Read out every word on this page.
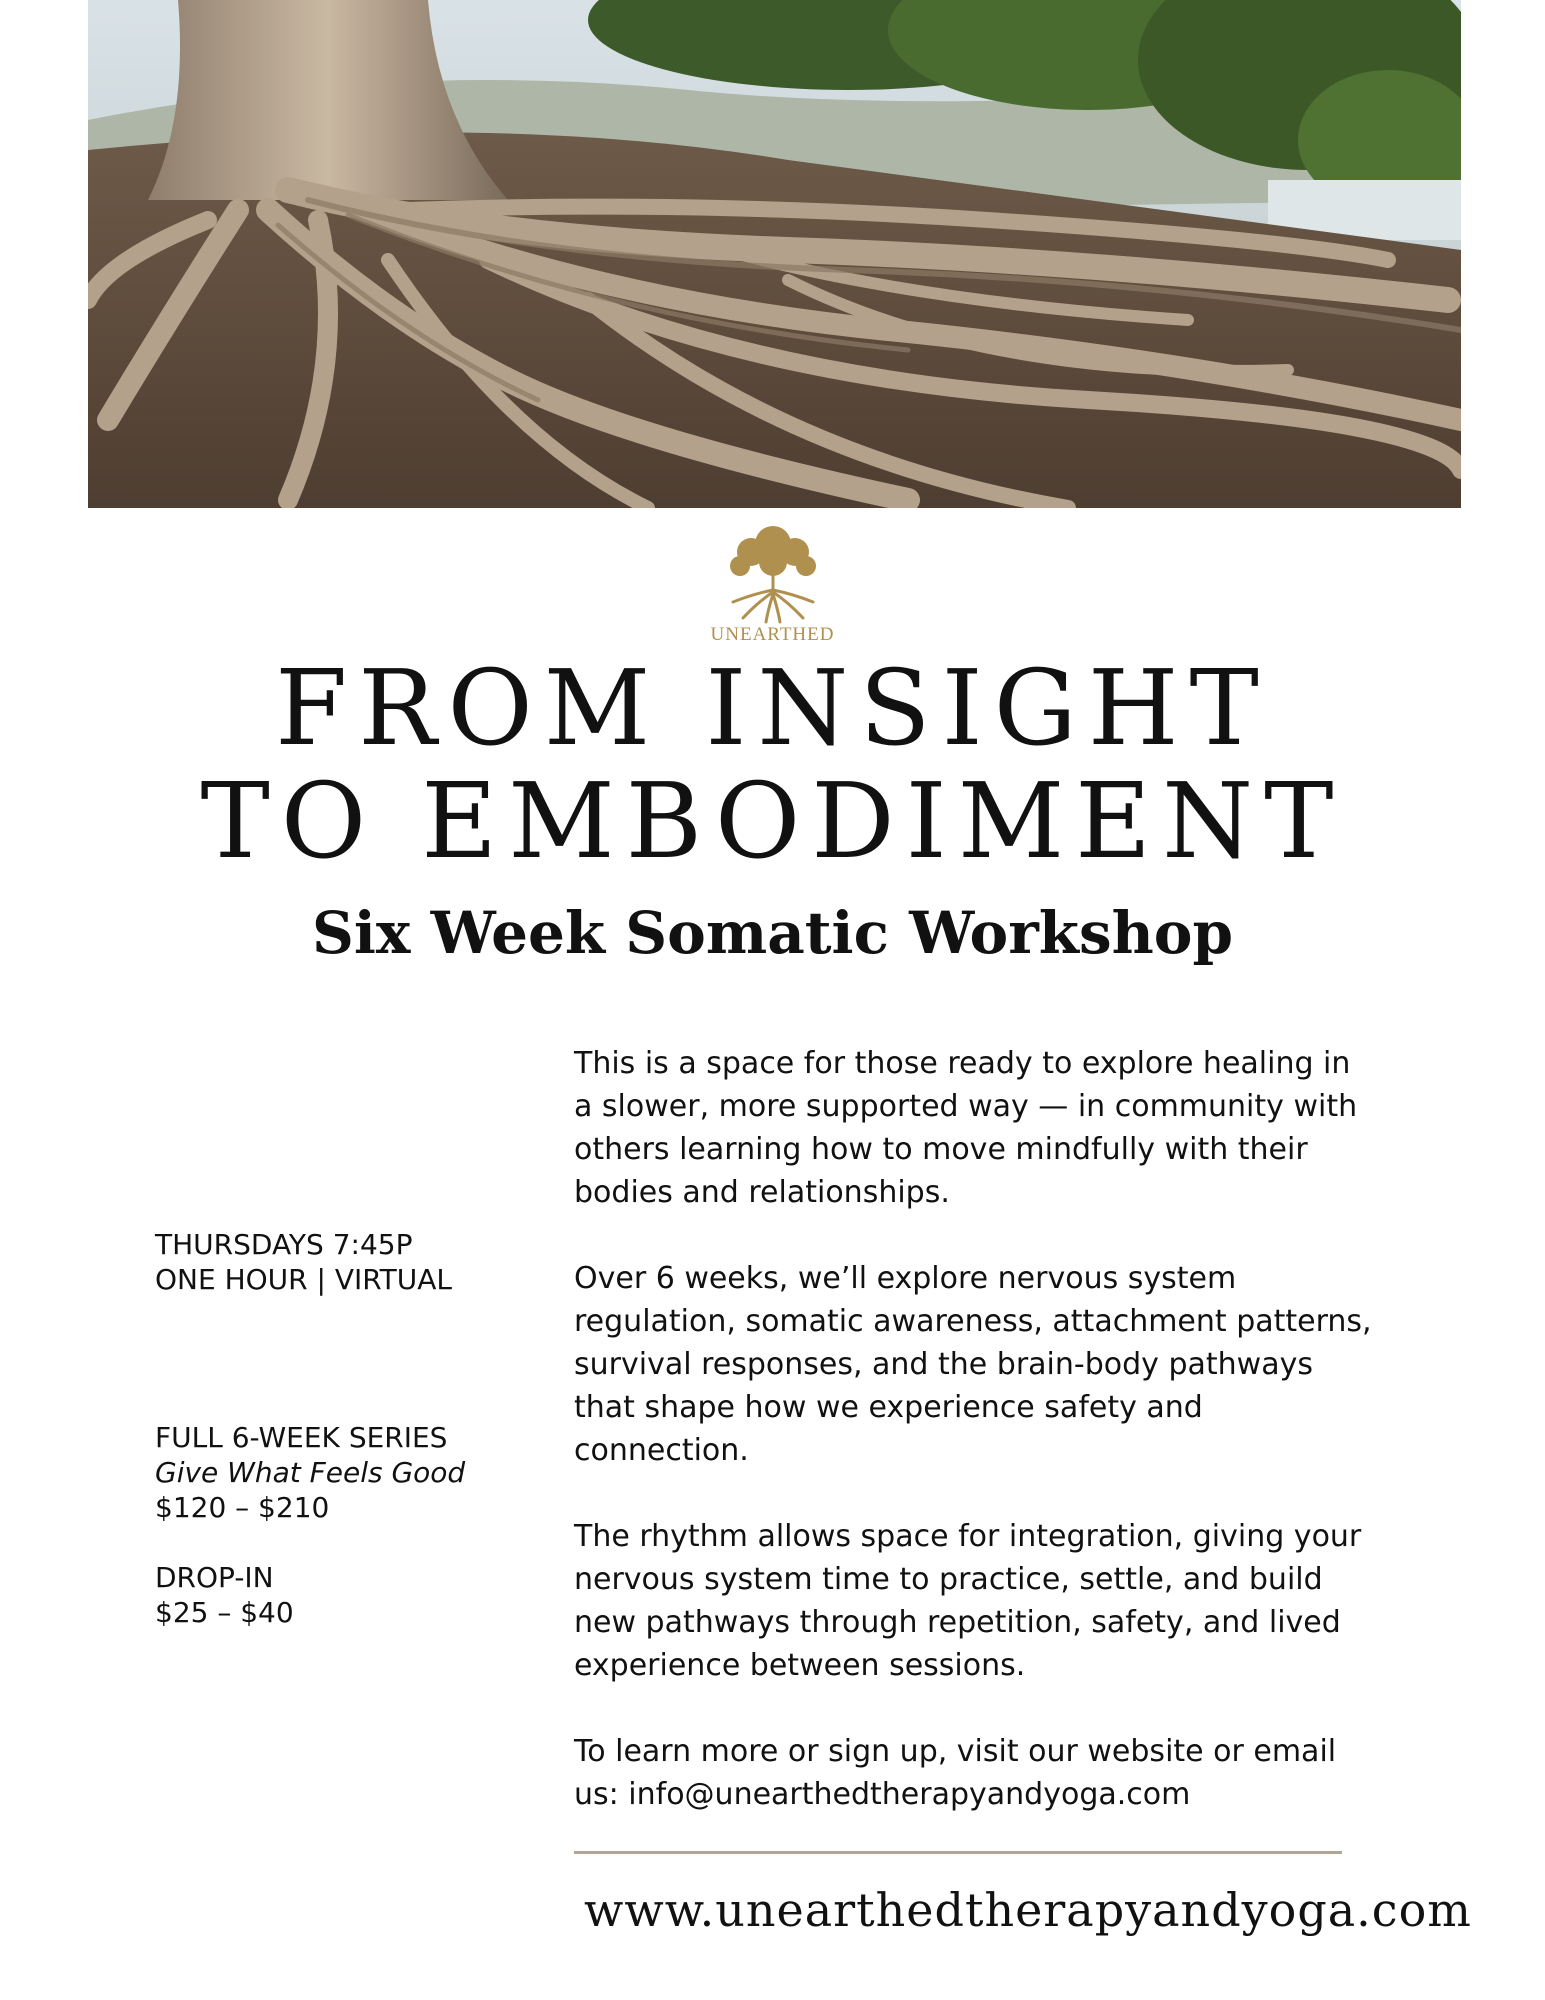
UNEARTHED
FROM INSIGHT
TO EMBODIMENT
Six Week Somatic Workshop

THURSDAYS 7:45P

ONE HOUR | VIRTUAL

FULL 6-WEEK SERIES

Give What Feels Good

$120 – $210

DROP-IN

$25 – $40

This is a space for those ready to explore healing in a slower, more supported way — in community with others learning how to move mindfully with their bodies and relationships.

Over 6 weeks, we’ll explore nervous system regulation, somatic awareness, attachment patterns, survival responses, and the brain-body pathways that shape how we experience safety and connection.

The rhythm allows space for integration, giving your nervous system time to practice, settle, and build new pathways through repetition, safety, and lived experience between sessions.

To learn more or sign up, visit our website or email us: info@unearthedtherapyandyoga.com

www.unearthedtherapyandyoga.com
